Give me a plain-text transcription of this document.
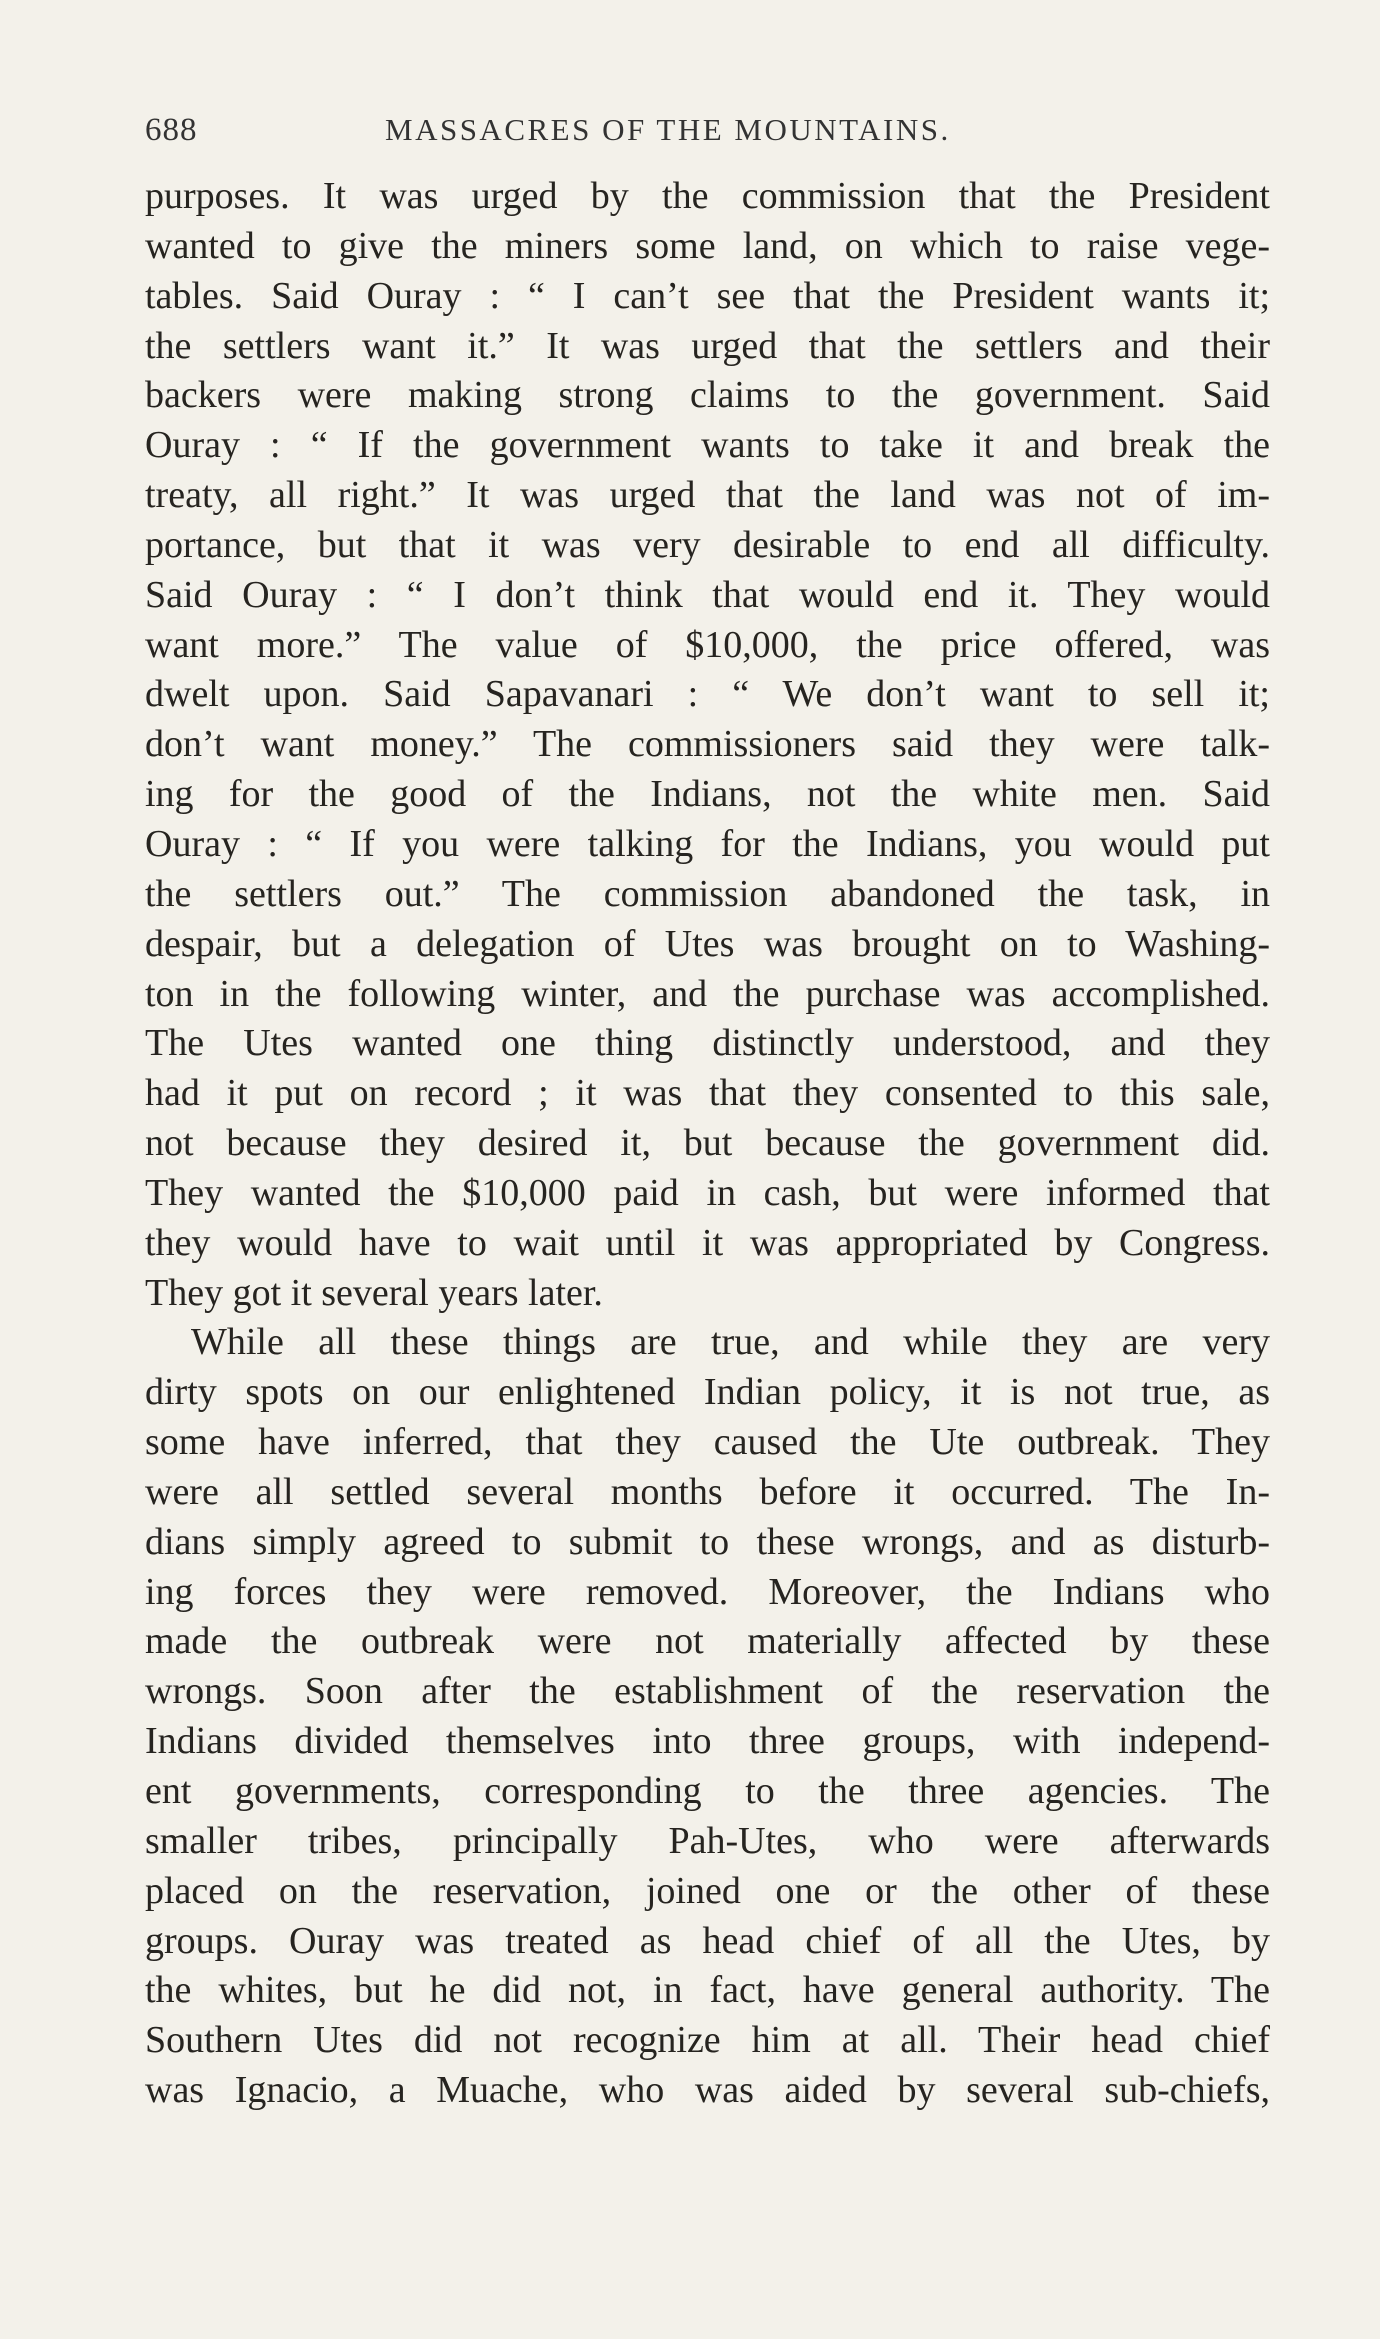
688	MASSACRES OF THE MOUNTAINS.
purposes. It was urged by the commission that the President
wanted to give the miners some land, on which to raise vege-
tables. Said Ouray : “ I can’t see that the President wants it;
the settlers want it.” It was urged that the settlers and their
backers were making strong claims to the government. Said
Ouray : “ If the government wants to take it and break the
treaty, all right.” It was urged that the land was not of im-
portance, but that it was very desirable to end all difficulty.
Said Ouray : “ I don’t think that would end it. They would
want more.” The value of $10,000, the price offered, was
dwelt upon. Said Sapavanari : “ We don’t want to sell it;
don’t want money.” The commissioners said they were talk-
ing for the good of the Indians, not the white men. Said
Ouray : “ If you were talking for the Indians, you would put
the settlers out.” The commission abandoned the task, in
despair, but a delegation of Utes was brought on to Washing-
ton in the following winter, and the purchase was accomplished.
The Utes wanted one thing distinctly understood, and they
had it put on record ; it was that they consented to this sale,
not because they desired it, but because the government did.
They wanted the $10,000 paid in cash, but were informed that
they would have to wait until it was appropriated by Congress.
They got it several years later.
While all these things are true, and while they are very
dirty spots on our enlightened Indian policy, it is not true, as
some have inferred, that they caused the Ute outbreak. They
were all settled several months before it occurred. The In-
dians simply agreed to submit to these wrongs, and as disturb-
ing forces they were removed. Moreover, the Indians who
made the outbreak were not materially affected by these
wrongs. Soon after the establishment of the reservation the
Indians divided themselves into three groups, with independ-
ent governments, corresponding to the three agencies. The
smaller tribes, principally Pah-Utes, who were afterwards
placed on the reservation, joined one or the other of these
groups. Ouray was treated as head chief of all the Utes, by
the whites, but he did not, in fact, have general authority. The
Southern Utes did not recognize him at all. Their head chief
was Ignacio, a Muache, who was aided by several sub-chiefs,
